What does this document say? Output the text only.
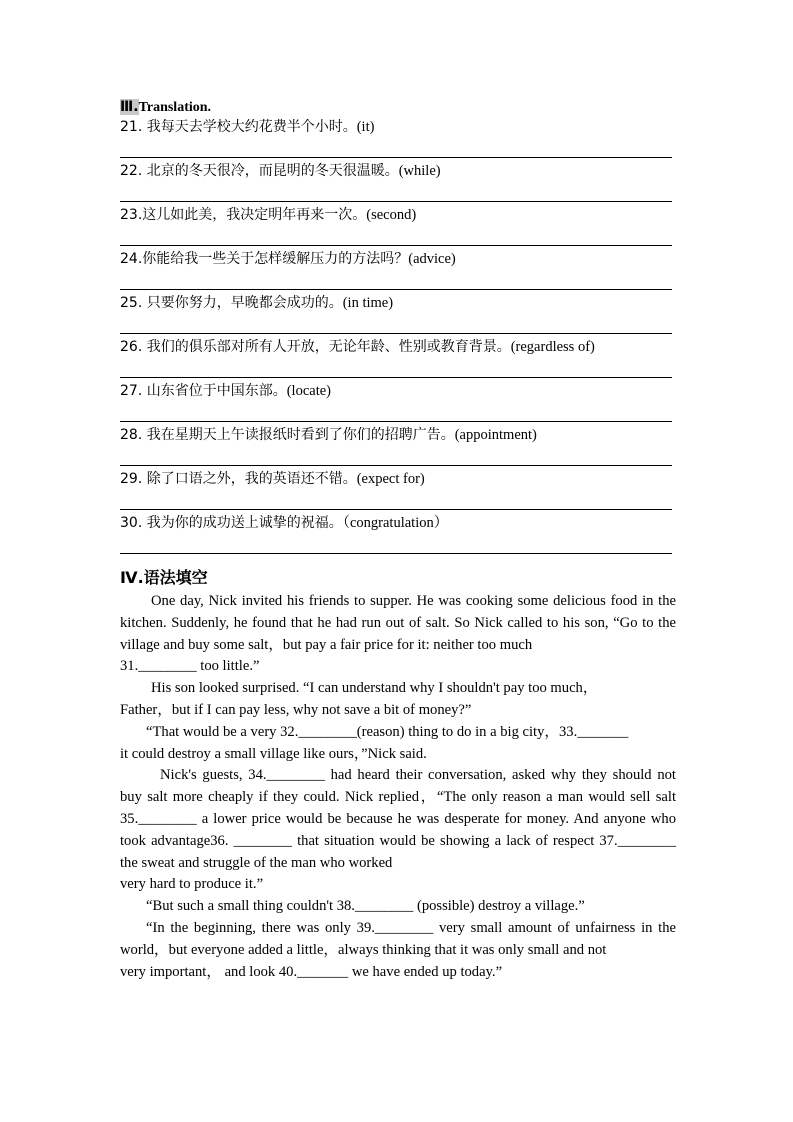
Ⅲ.Translation.
21. 我每天去学校大约花费半个小时。(it)
22. 北京的冬天很冷，而昆明的冬天很温暖。(while)
23.这儿如此美，我决定明年再来一次。(second)
24.你能给我一些关于怎样缓解压力的方法吗？(advice)
25. 只要你努力，早晚都会成功的。(in time)
26. 我们的俱乐部对所有人开放，无论年龄、性别或教育背景。(regardless of)
27. 山东省位于中国东部。(locate)
28. 我在星期天上午读报纸时看到了你们的招聘广告。(appointment)
29. 除了口语之外，我的英语还不错。(expect for)
30. 我为你的成功送上诚挚的祝福。（congratulation）
Ⅳ.语法填空

One day, Nick invited his friends to supper. He was cooking some delicious food in the kitchen. Suddenly, he found that he had run out of salt. So Nick called to his son, “Go to the village and buy some salt，but pay a fair price for it: neither too much

31.________ too little.”

His son looked surprised. “I can understand why I shouldn't pay too much，

Father，but if I can pay less, why not save a bit of money?”

“That would be a very 32.________(reason) thing to do in a big city，33._______

it could destroy a small village like ours，”Nick said.

Nick's guests, 34.________ had heard their conversation, asked why they should not buy salt more cheaply if they could. Nick replied，“The only reason a man would sell salt 35.________ a lower price would be because he was desperate for money. And anyone who took advantage36. ________ that situation would be showing a lack of respect 37.________ the sweat and struggle of the man who worked

very hard to produce it.”

“But such a small thing couldn't 38.________ (possible) destroy a village.”

“In the beginning, there was only 39.________ very small amount of unfairness in the world，but everyone added a little，always thinking that it was only small and not

very important， and look 40._______ we have ended up today.”
